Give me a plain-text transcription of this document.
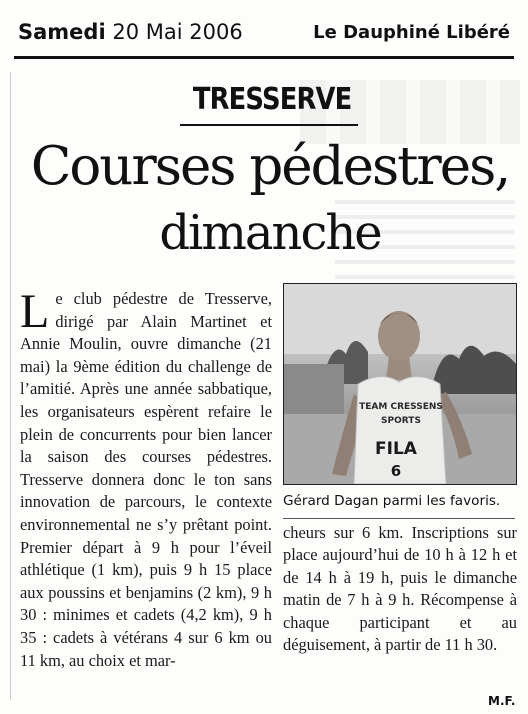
Samedi 20 Mai 2006	Le Dauphiné Libéré
TRESSERVE
Courses pédestres,
dimanche
Le club pédestre de Tresserve, dirigé par Alain Martinet et Annie Moulin, ouvre dimanche (21 mai) la 9ème édition du challenge de l’amitié. Après une année sabbatique, les organisateurs espèrent refaire le plein de concurrents pour bien lancer la saison des courses pédestres. Tresserve donnera donc le ton sans innovation de parcours, le contexte environnemental ne s’y prêtant point. Premier départ à 9 h pour l’éveil athlétique (1 km), puis 9 h 15 place aux poussins et benjamins (2 km), 9 h 30 : minimes et cadets (4,2 km), 9 h 35 : cadets à vétérans 4 sur 6 km ou 11 km, au choix et mar-
TEAM CRESSENS
SPORTS
FILA
6
Gérard Dagan parmi les favoris.
cheurs sur 6 km. Inscriptions sur place aujourd’hui de 10 h à 12 h et de 14 h à 19 h, puis le dimanche matin de 7 h à 9 h. Récompense à chaque participant et au déguisement, à partir de 11 h 30.
M.F.
